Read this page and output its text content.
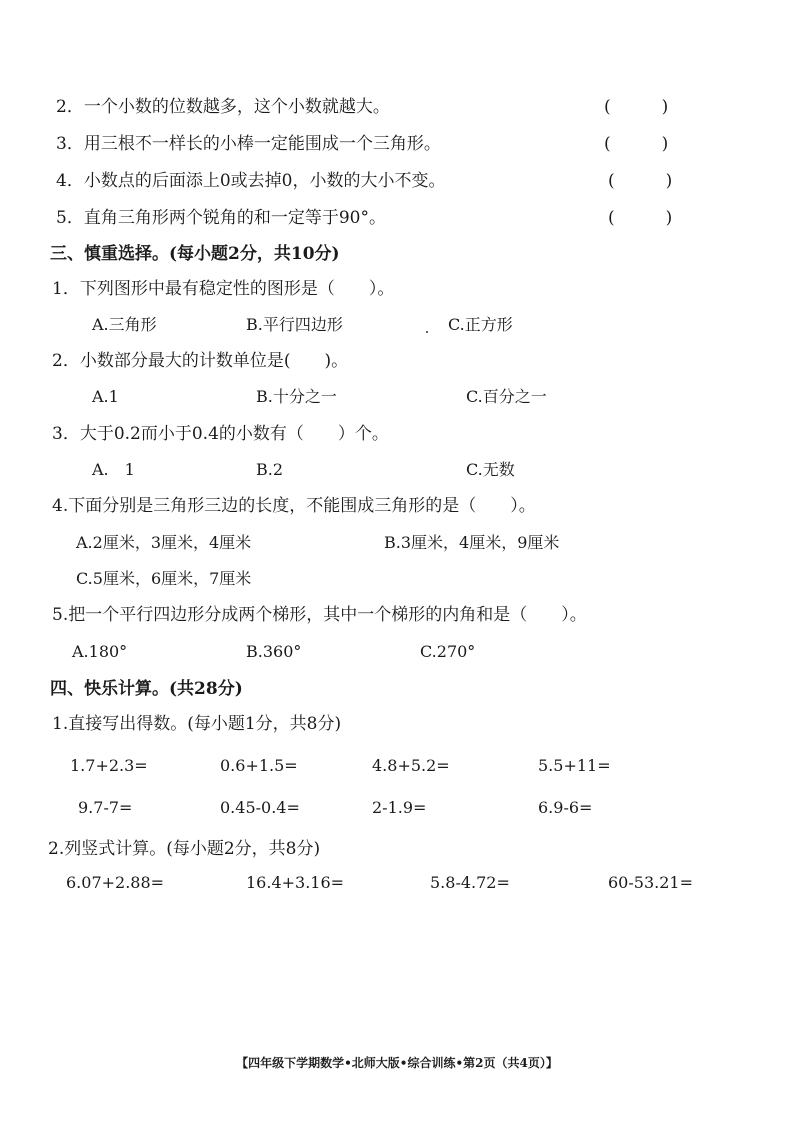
2．一个小数的位数越多，这个小数就越大。	(　　　)
3．用三根不一样长的小棒一定能围成一个三角形。	(　　　)
4．小数点的后面添上0或去掉0，小数的大小不变。	(　　　)
5．直角三角形两个锐角的和一定等于90°。	(　　　)
三、慎重选择。(每小题2分，共10分)
1．下列图形中最有稳定性的图形是（　　）。
A.三角形	B.平行四边形	C.正方形
2．小数部分最大的计数单位是(　　)。
A.1	B.十分之一	C.百分之一
3．大于0.2而小于0.4的小数有（　　）个。
A.　1	B.2	C.无数
4.下面分别是三角形三边的长度，不能围成三角形的是（　　）。
A.2厘米，3厘米，4厘米	B.3厘米，4厘米，9厘米
C.5厘米，6厘米，7厘米
5.把一个平行四边形分成两个梯形，其中一个梯形的内角和是（　　）。
A.180°	B.360°	C.270°
四、快乐计算。(共28分)
1.直接写出得数。(每小题1分，共8分)
1.7+2.3=	0.6+1.5=	4.8+5.2=	5.5+11=
9.7-7=	0.45-0.4=	2-1.9=	6.9-6=
2.列竖式计算。(每小题2分，共8分)
6.07+2.88=	16.4+3.16=	5.8-4.72=	60-53.21=
【四年级下学期数学•北师大版•综合训练•第2页（共4页）】
